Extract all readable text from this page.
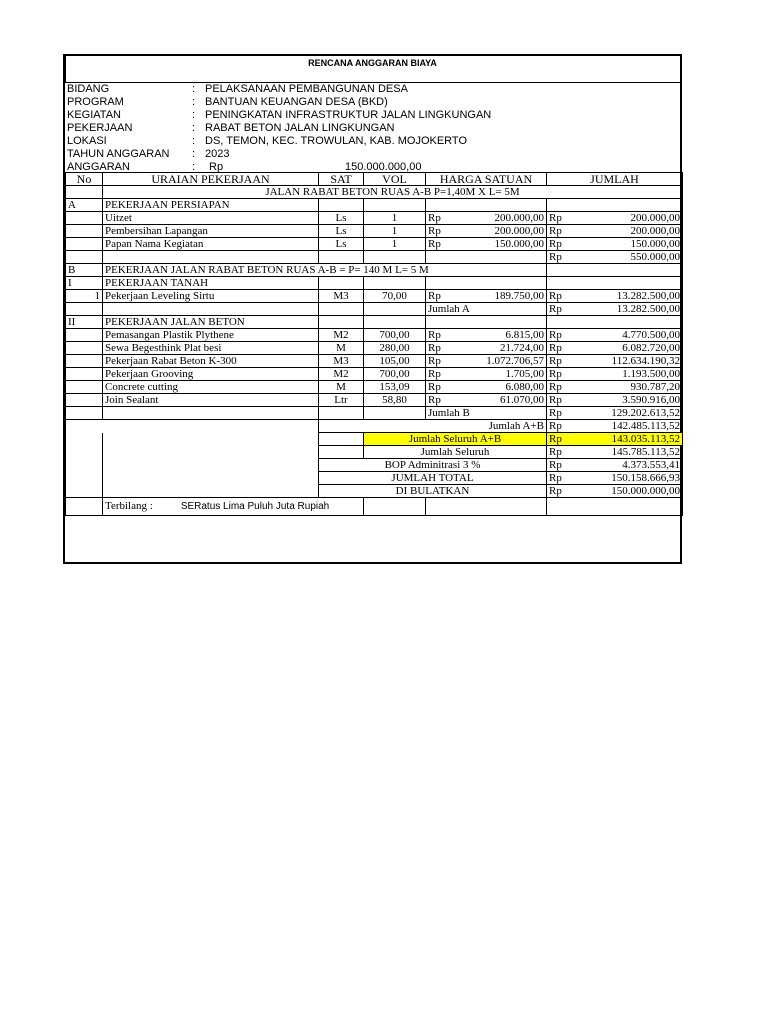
RENCANA ANGGARAN BIAYA
BIDANG	: PELAKSANAAN PEMBANGUNAN DESA
PROGRAM	: BANTUAN KEUANGAN DESA (BKD)
KEGIATAN	: PENINGKATAN INFRASTRUKTUR JALAN LINGKUNGAN
PEKERJAAN	: RABAT BETON JALAN LINGKUNGAN
LOKASI	: DS, TEMON, KEC. TROWULAN, KAB. MOJOKERTO
TAHUN ANGGARAN : 2023
ANGGARAN	: Rp	150.000.000,00
No	URAIAN PEKERJAAN	SAT	VOL	HARGA SATUAN	JUMLAH
	JALAN RABAT BETON RUAS A-B P=1,40M X L= 5M				
A	PEKERJAAN PERSIAPAN				
	Uitzet	Ls	1	Rp 200.000,00	Rp 200.000,00

	Pembersihan Lapangan	Ls	1	Rp 200.000,00	Rp 200.000,00

	Papan Nama Kegiatan	Ls	1	Rp 150.000,00	Rp 150.000,00

					Rp 550.000,00

B	PEKERJAAN JALAN RABAT BETON RUAS A-B = P= 140 M L= 5 M				
I	PEKERJAAN TANAH				
1	Pekerjaan Leveling Sirtu	M3	70,00	Rp 189.750,00	Rp 13.282.500,00

				Jumlah A	Rp 13.282.500,00

II	PEKERJAAN JALAN BETON				
	Pemasangan Plastik Plythene	M2	700,00	Rp 6.815,00	Rp 4.770.500,00

	Sewa Begesthink Plat besi	M	280,00	Rp 21.724,00	Rp 6.082.720,00

	Pekerjaan Rabat Beton K-300	M3	105,00	Rp 1.072.706,57	Rp 112.634.190,32

	Pekerjaan Grooving	M2	700,00	Rp 1.705,00	Rp 1.193.500,00

	Concrete cutting	M	153,09	Rp 6.080,00	Rp 930.787,20

	Join Sealant	Ltr	58,80	Rp 61.070,00	Rp 3.590.916,00

				Jumlah B	Rp 129.202.613,52

		Jumlah A+B			Rp 142.485.113,52

			Jumlah Seluruh A+B		Rp 143.035.113,52

			Jumlah Seluruh		Rp 145.785.113,52

		BOP Adminitrasi 3 %			Rp 4.373.553,41

		JUMLAH TOTAL			Rp 150.158.666,93

		DI BULATKAN			Rp 150.000.000,00

	Terbilang : SERatus Lima Puluh Juta Rupiah				
